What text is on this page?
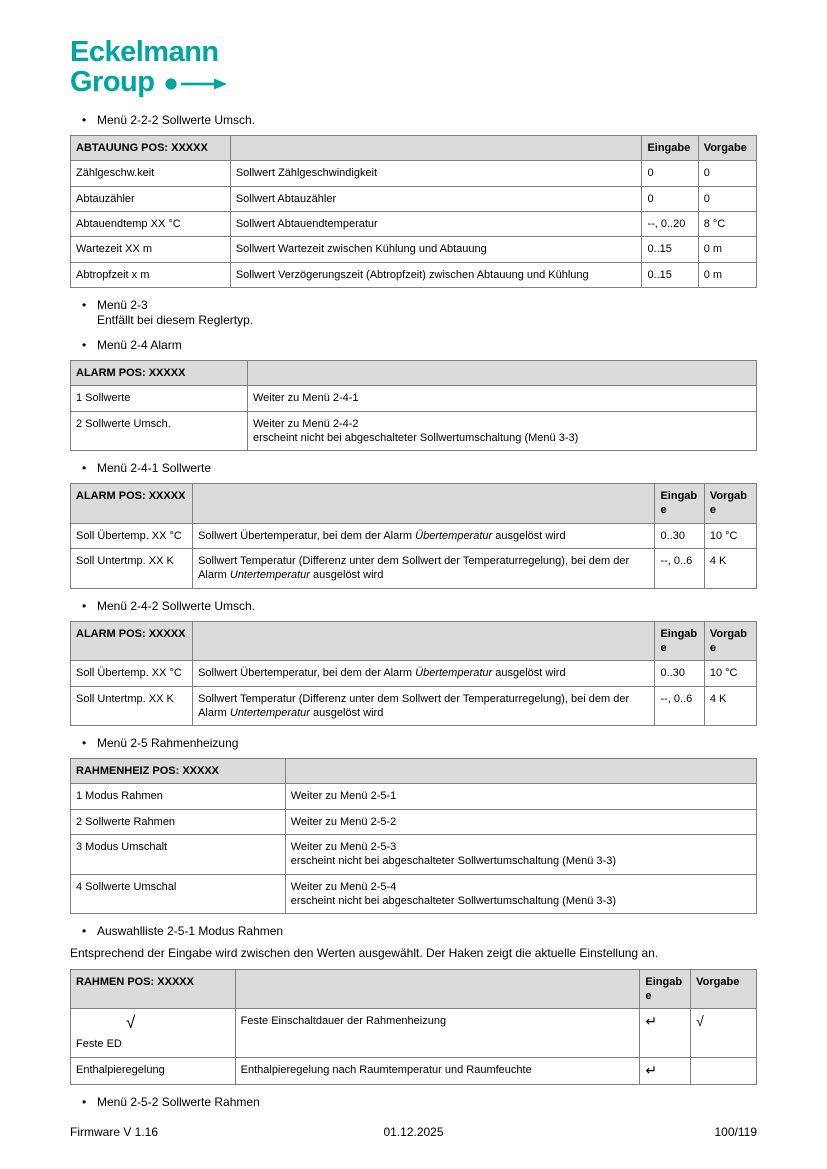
Eckelmann
Group
• Menü 2-2-2 Sollwerte Umsch.
ABTAUUNG POS: XXXXX		Eingabe	Vorgabe
Zählgeschw.keit	Sollwert Zählgeschwindigkeit	0	0
Abtauzähler	Sollwert Abtauzähler	0	0
Abtauendtemp XX °C	Sollwert Abtauendtemperatur	--, 0..20	8 °C
Wartezeit XX m	Sollwert Wartezeit zwischen Kühlung und Abtauung	0..15	0 m
Abtropfzeit x m	Sollwert Verzögerungszeit (Abtropfzeit) zwischen Abtauung und Kühlung	0..15	0 m
• Menü 2-3
Entfällt bei diesem Reglertyp.
• Menü 2-4 Alarm
ALARM POS: XXXXX	
1 Sollwerte	Weiter zu Menü 2-4-1
2 Sollwerte Umsch.	Weiter zu Menü 2-4-2
erscheint nicht bei abgeschalteter Sollwertumschaltung (Menü 3-3)
• Menü 2-4-1 Sollwerte
ALARM POS: XXXXX		Eingabe	Vorgabe
Soll Übertemp. XX °C	Sollwert Übertemperatur, bei dem der Alarm Übertemperatur ausgelöst wird	0..30	10 °C
Soll Untertmp. XX K	Sollwert Temperatur (Differenz unter dem Sollwert der Temperaturregelung), bei dem der Alarm Untertemperatur ausgelöst wird	--, 0..6	4 K
• Menü 2-4-2 Sollwerte Umsch.
ALARM POS: XXXXX		Eingabe	Vorgabe
Soll Übertemp. XX °C	Sollwert Übertemperatur, bei dem der Alarm Übertemperatur ausgelöst wird	0..30	10 °C
Soll Untertmp. XX K	Sollwert Temperatur (Differenz unter dem Sollwert der Temperaturregelung), bei dem der Alarm Untertemperatur ausgelöst wird	--, 0..6	4 K
• Menü 2-5 Rahmenheizung
RAHMENHEIZ POS: XXXXX	
1 Modus Rahmen	Weiter zu Menü 2-5-1
2 Sollwerte Rahmen	Weiter zu Menü 2-5-2
3 Modus Umschalt	Weiter zu Menü 2-5-3
erscheint nicht bei abgeschalteter Sollwertumschaltung (Menü 3-3)
4 Sollwerte Umschal	Weiter zu Menü 2-5-4
erscheint nicht bei abgeschalteter Sollwertumschaltung (Menü 3-3)
• Auswahlliste 2-5-1 Modus Rahmen
Entsprechend der Eingabe wird zwischen den Werten ausgewählt. Der Haken zeigt die aktuelle Einstellung an.
RAHMEN POS: XXXXX		Eingabe	Vorgabe

√
Feste ED	Feste Einschaltdauer der Rahmenheizung	↵	√
Enthalpieregelung	Enthalpieregelung nach Raumtemperatur und Raumfeuchte	↵	
• Menü 2-5-2 Sollwerte Rahmen
Firmware V 1.16	01.12.2025	100/119
